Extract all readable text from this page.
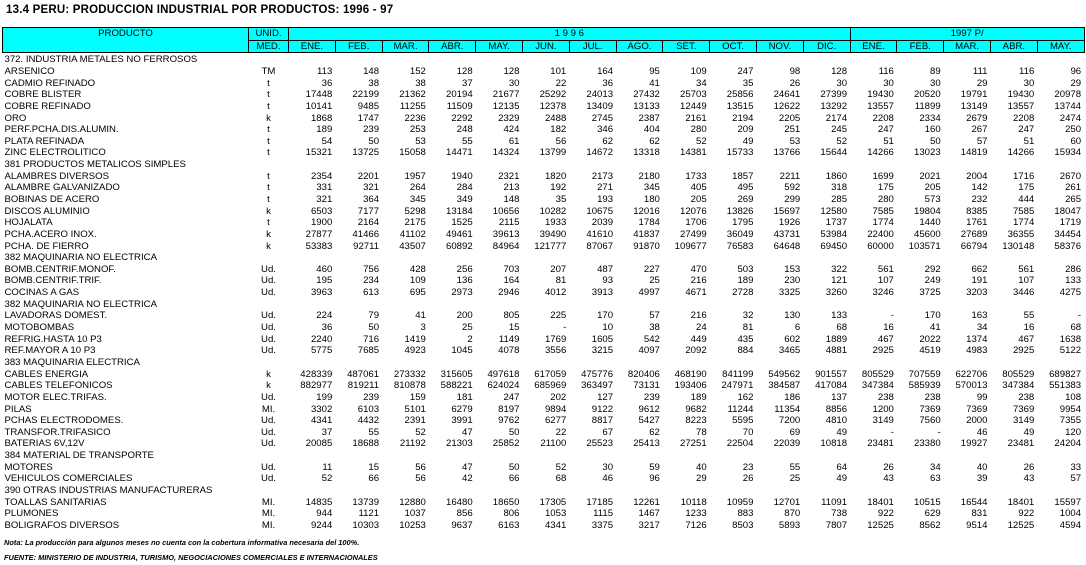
13.4 PERU: PRODUCCION INDUSTRIAL POR PRODUCTOS: 1996 - 97
PRODUCTO	UNID.	1 9 9 6												1997 P/				
	MED.	ENE.	FEB.	MAR.	ABR.	MAY.	JUN.	JUL.	AGO.	SET.	OCT.	NOV.	DIC.	ENE.	FEB.	MAR.	ABR.	MAY.
372. INDUSTRIA METALES NO FERROSOS																		
ARSENICO	TM	113	148	152	128	128	101	164	95	109	247	98	128	116	89	111	116	96
CADMIO REFINADO	t	36	38	38	37	30	22	36	41	34	35	26	30	30	30	29	30	29
COBRE BLISTER	t	17448	22199	21362	20194	21677	25292	24013	27432	25703	25856	24641	27399	19430	20520	19791	19430	20978
COBRE REFINADO	t	10141	9485	11255	11509	12135	12378	13409	13133	12449	13515	12622	13292	13557	11899	13149	13557	13744
ORO	k	1868	1747	2236	2292	2329	2488	2745	2387	2161	2194	2205	2174	2208	2334	2679	2208	2474
PERF.PCHA.DIS.ALUMIN.	t	189	239	253	248	424	182	346	404	280	209	251	245	247	160	267	247	250
PLATA REFINADA	t	54	50	53	55	61	56	62	62	52	49	53	52	51	50	57	51	60
ZINC ELECTROLITICO	t	15321	13725	15058	14471	14324	13799	14672	13318	14381	15733	13766	15644	14266	13023	14819	14266	15934
381 PRODUCTOS METALICOS SIMPLES																		
ALAMBRES DIVERSOS	t	2354	2201	1957	1940	2321	1820	2173	2180	1733	1857	2211	1860	1699	2021	2004	1716	2670
ALAMBRE GALVANIZADO	t	331	321	264	284	213	192	271	345	405	495	592	318	175	205	142	175	261
BOBINAS DE ACERO	t	321	364	345	349	148	35	193	180	205	269	299	285	280	573	232	444	265
DISCOS ALUMINIO	k	6503	7177	5298	13184	10656	10282	10675	12016	12076	13826	15697	12580	7585	19804	8385	7585	18047
HOJALATA	t	1900	2164	2175	1525	2115	1933	2039	1784	1706	1795	1926	1737	1774	1440	1761	1774	1719
PCHA.ACERO INOX.	k	27877	41466	41102	49461	39613	39490	41610	41837	27499	36049	43731	53984	22400	45600	27689	36355	34454
PCHA. DE FIERRO	k	53383	92711	43507	60892	84964	121777	87067	91870	109677	76583	64648	69450	60000	103571	66794	130148	58376
382 MAQUINARIA NO ELECTRICA																		
BOMB.CENTRIF.MONOF.	Ud.	460	756	428	256	703	207	487	227	470	503	153	322	561	292	662	561	286
BOMB.CENTRIF.TRIF.	Ud.	195	234	109	136	164	81	93	25	216	189	230	121	107	249	191	107	133
COCINAS A GAS	Ud.	3963	613	695	2973	2946	4012	3913	4997	4671	2728	3325	3260	3246	3725	3203	3446	4275
382 MAQUINARIA NO ELECTRICA																		
LAVADORAS DOMEST.	Ud.	224	79	41	200	805	225	170	57	216	32	130	133	-	170	163	55	-
MOTOBOMBAS	Ud.	36	50	3	25	15	-	10	38	24	81	6	68	16	41	34	16	68
REFRIG.HASTA 10 P3	Ud.	2240	716	1419	2	1149	1769	1605	542	449	435	602	1889	467	2022	1374	467	1638
REF.MAYOR A 10 P3	Ud.	5775	7685	4923	1045	4078	3556	3215	4097	2092	884	3465	4881	2925	4519	4983	2925	5122
383 MAQUINARIA ELECTRICA																		
CABLES ENERGIA	k	428339	487061	273332	315605	497618	617059	475776	820406	468190	841199	549562	901557	805529	707559	622706	805529	689827
CABLES TELEFONICOS	k	882977	819211	810878	588221	624024	685969	363497	73131	193406	247971	384587	417084	347384	585939	570013	347384	551383
MOTOR ELEC.TRIFAS.	Ud.	199	239	159	181	247	202	127	239	189	162	186	137	238	238	99	238	108
PILAS	MI.	3302	6103	5101	6279	8197	9894	9122	9612	9682	11244	11354	8856	1200	7369	7369	7369	9954
PCHAS ELECTRODOMES.	Ud.	4341	4432	2391	3991	9762	6277	8817	5427	8223	5595	7200	4810	3149	7560	2000	3149	7355
TRANSFOR.TRIFASICO	Ud.	37	55	52	47	50	22	67	62	78	70	69	49	-	-	46	49	120
BATERIAS 6V,12V	Ud.	20085	18688	21192	21303	25852	21100	25523	25413	27251	22504	22039	10818	23481	23380	19927	23481	24204
384 MATERIAL DE TRANSPORTE																		
MOTORES	Ud.	11	15	56	47	50	52	30	59	40	23	55	64	26	34	40	26	33
VEHICULOS COMERCIALES	Ud.	52	66	56	42	66	68	46	96	29	26	25	49	43	63	39	43	57
390 OTRAS INDUSTRIAS MANUFACTURERAS																		
TOALLAS SANITARIAS	MI.	14835	13739	12880	16480	18650	17305	17185	12261	10118	10959	12701	11091	18401	10515	16544	18401	15597
PLUMONES	MI.	944	1121	1037	856	806	1053	1115	1467	1233	883	870	738	922	629	831	922	1004
BOLIGRAFOS DIVERSOS	MI.	9244	10303	10253	9637	6163	4341	3375	3217	7126	8503	5893	7807	12525	8562	9514	12525	4594
Nota: La producción para algunos meses no cuenta con la cobertura informativa necesaria del 100%.
FUENTE: MINISTERIO DE INDUSTRIA, TURISMO, NEGOCIACIONES COMERCIALES E INTERNACIONALES
